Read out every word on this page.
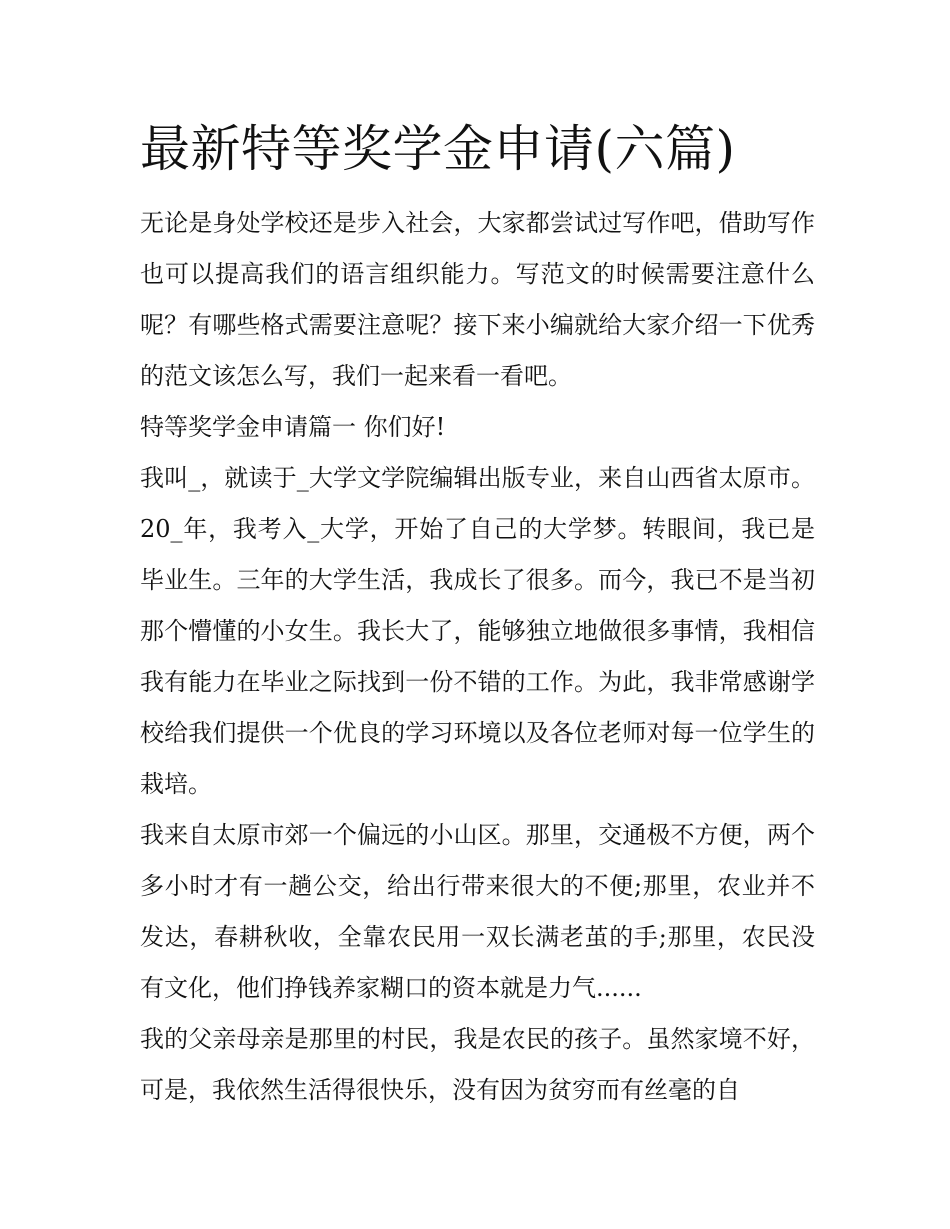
最新特等奖学金申请(六篇)

无论是身处学校还是步入社会，大家都尝试过写作吧，借助写作也可以提高我们的语言组织能力。写范文的时候需要注意什么呢？有哪些格式需要注意呢？接下来小编就给大家介绍一下优秀的范文该怎么写，我们一起来看一看吧。

特等奖学金申请篇一 你们好!

我叫_，就读于_大学文学院编辑出版专业，来自山西省太原市。20_年，我考入_大学，开始了自己的大学梦。转眼间，我已是毕业生。三年的大学生活，我成长了很多。而今，我已不是当初那个懵懂的小女生。我长大了，能够独立地做很多事情，我相信我有能力在毕业之际找到一份不错的工作。为此，我非常感谢学校给我们提供一个优良的学习环境以及各位老师对每一位学生的栽培。

我来自太原市郊一个偏远的小山区。那里，交通极不方便，两个多小时才有一趟公交，给出行带来很大的不便;那里，农业并不发达，春耕秋收，全靠农民用一双长满老茧的手;那里，农民没有文化，他们挣钱养家糊口的资本就是力气......

我的父亲母亲是那里的村民，我是农民的孩子。虽然家境不好，可是，我依然生活得很快乐，没有因为贫穷而有丝毫的自
